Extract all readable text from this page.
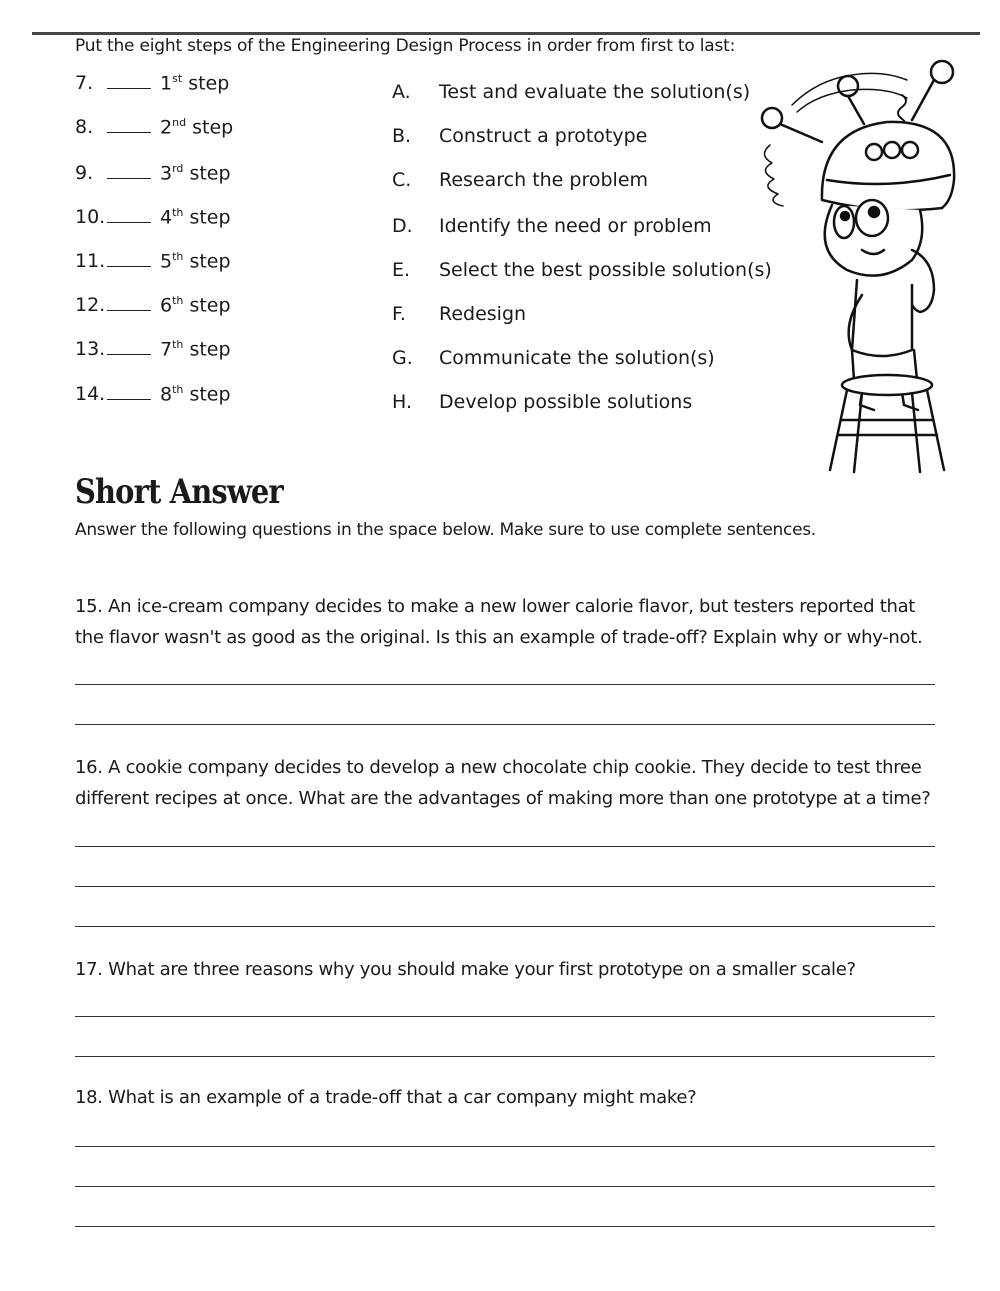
Put the eight steps of the Engineering Design Process in order from first to last:
7.	1st step
8.	2nd step
9.	3rd step
10.	4th step
11.	5th step
12.	6th step
13.	7th step
14.	8th step
A. Test and evaluate the solution(s)
B. Construct a prototype
C. Research the problem
D. Identify the need or problem
E. Select the best possible solution(s)
F. Redesign
G. Communicate the solution(s)
H. Develop possible solutions
Short Answer
Answer the following questions in the space below. Make sure to use complete sentences.
15. An ice-cream company decides to make a new lower calorie flavor, but testers reported that the flavor wasn't as good as the original. Is this an example of trade-off? Explain why or why-not.
16. A cookie company decides to develop a new chocolate chip cookie. They decide to test three different recipes at once. What are the advantages of making more than one prototype at a time?
17. What are three reasons why you should make your first prototype on a smaller scale?
18. What is an example of a trade-off that a car company might make?
